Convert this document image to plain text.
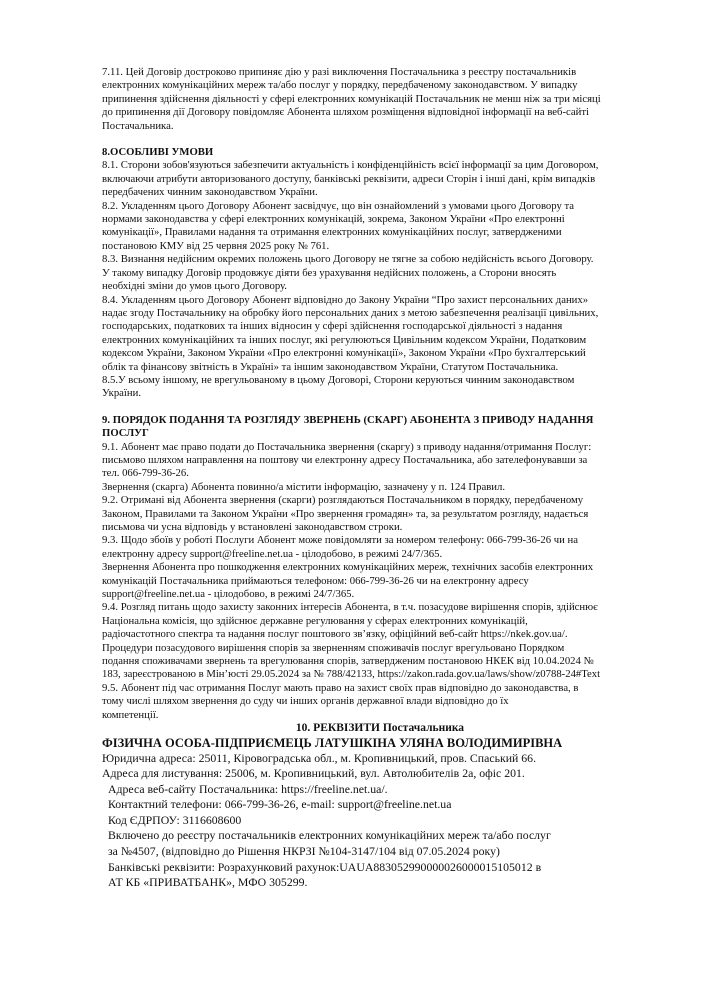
7.11. Цей Договір достроково припиняє дію у разі виключення Постачальника з реєстру постачальників
електронних комунікаційних мереж та/або послуг у порядку, передбаченому законодавством. У випадку
припинення здійснення діяльності у сфері електронних комунікацій Постачальник не менш ніж за три місяці
до припинення дії Договору повідомляє Абонента шляхом розміщення відповідної інформації на веб-сайті
Постачальника.

8.ОСОБЛИВІ УМОВИ

8.1. Сторони зобов'язуються забезпечити актуальність і конфіденційність всієї інформації за цим Договором,
включаючи атрибути авторизованого доступу, банківські реквізити, адреси Сторін і інші дані, крім випадків
передбачених чинним законодавством України.

8.2. Укладенням цього Договору Абонент засвідчує, що він ознайомлений з умовами цього Договору та
нормами законодавства у сфері електронних комунікацій, зокрема, Законом України «Про електронні
комунікації», Правилами надання та отримання електронних комунікаційних послуг, затвердженими
постановою КМУ від 25 червня 2025 року № 761.

8.3. Визнання недійсним окремих положень цього Договору не тягне за собою недійсність всього Договору.
У такому випадку Договір продовжує діяти без урахування недійсних положень, а Сторони вносять
необхідні зміни до умов цього Договору.

8.4. Укладенням цього Договору Абонент відповідно до Закону України “Про захист персональних даних»
надає згоду Постачальнику на обробку його персональних даних з метою забезпечення реалізації цивільних,
господарських, податкових та інших відносин у сфері здійснення господарської діяльності з надання
електронних комунікаційних та інших послуг, які регулюються Цивільним кодексом України, Податковим
кодексом України, Законом України «Про електронні комунікації», Законом України «Про бухгалтерський
облік та фінансову звітність в Україні» та іншим законодавством України, Статутом Постачальника.

8.5.У всьому іншому, не врегульованому в цьому Договорі, Сторони керуються чинним законодавством
України.

9. ПОРЯДОК ПОДАННЯ ТА РОЗГЛЯДУ ЗВЕРНЕНЬ (СКАРГ) АБОНЕНТА З ПРИВОДУ НАДАННЯ
ПОСЛУГ

9.1. Абонент має право подати до Постачальника звернення (скаргу) з приводу надання/отримання Послуг:
письмово шляхом направлення на поштову чи електронну адресу Постачальника, або зателефонувавши за
тел. 066-799-36-26.

Звернення (скарга) Абонента повинно/а містити інформацію, зазначену у п. 124 Правил.

9.2. Отримані від Абонента звернення (скарги) розглядаються Постачальником в порядку, передбаченому
Законом, Правилами та Законом України «Про звернення громадян» та, за результатом розгляду, надається
письмова чи усна відповідь у встановлені законодавством строки.

9.3. Щодо збоїв у роботі Послуги Абонент може повідомляти за номером телефону: 066-799-36-26 чи на
електронну адресу support@freeline.net.ua - цілодобово, в режимі 24/7/365.

Звернення Абонента про пошкодження електронних комунікаційних мереж, технічних засобів електронних
комунікацій Постачальника приймаються телефоном: 066-799-36-26 чи на електронну адресу
support@freeline.net.ua - цілодобово, в режимі 24/7/365.

9.4. Розгляд питань щодо захисту законних інтересів Абонента, в т.ч. позасудове вирішення спорів, здійснює
Національна комісія, що здійснює державне регулювання у сферах електронних комунікацій,
радіочастотного спектра та надання послуг поштового зв’язку, офіційний веб-сайт https://nkek.gov.ua/.

Процедури позасудового вирішення спорів за зверненням споживачів послуг врегульовано Порядком
подання споживачами звернень та врегулювання спорів, затвердженим постановою НКЕК від 10.04.2024 №
183, зареєстрованою в Мін’юсті 29.05.2024 за № 788/42133, https://zakon.rada.gov.ua/laws/show/z0788-24#Text

9.5. Абонент під час отримання Послуг мають право на захист своїх прав відповідно до законодавства, в
тому числі шляхом звернення до суду чи інших органів державної влади відповідно до їх
компетенції.

10. РЕКВІЗИТИ Постачальника

ФІЗИЧНА ОСОБА-ПІДПРИЄМЕЦЬ ЛАТУШКІНА УЛЯНА ВОЛОДИМИРІВНА

Юридична адреса: 25011, Кіровоградська обл., м. Кропивницький, пров. Спаський 66.

Адреса для листування: 25006, м. Кропивницький, вул. Автолюбителів 2а, офіс 201.

Адреса веб-сайту Постачальника: https://freeline.net.ua/.

Контактний телефони: 066-799-36-26, e-mail: support@freeline.net.ua

Код ЄДРПОУ: 3116608600

Включено до реєстру постачальників електронних комунікаційних мереж та/або послуг
за №4507, (відповідно до Рішення НКРЗІ №104-3147/104 від 07.05.2024 року)

Банківські реквізити: Розрахунковий рахунок:UAUA883052990000026000015105012 в
АТ КБ «ПРИВАТБАНК», МФО 305299.
